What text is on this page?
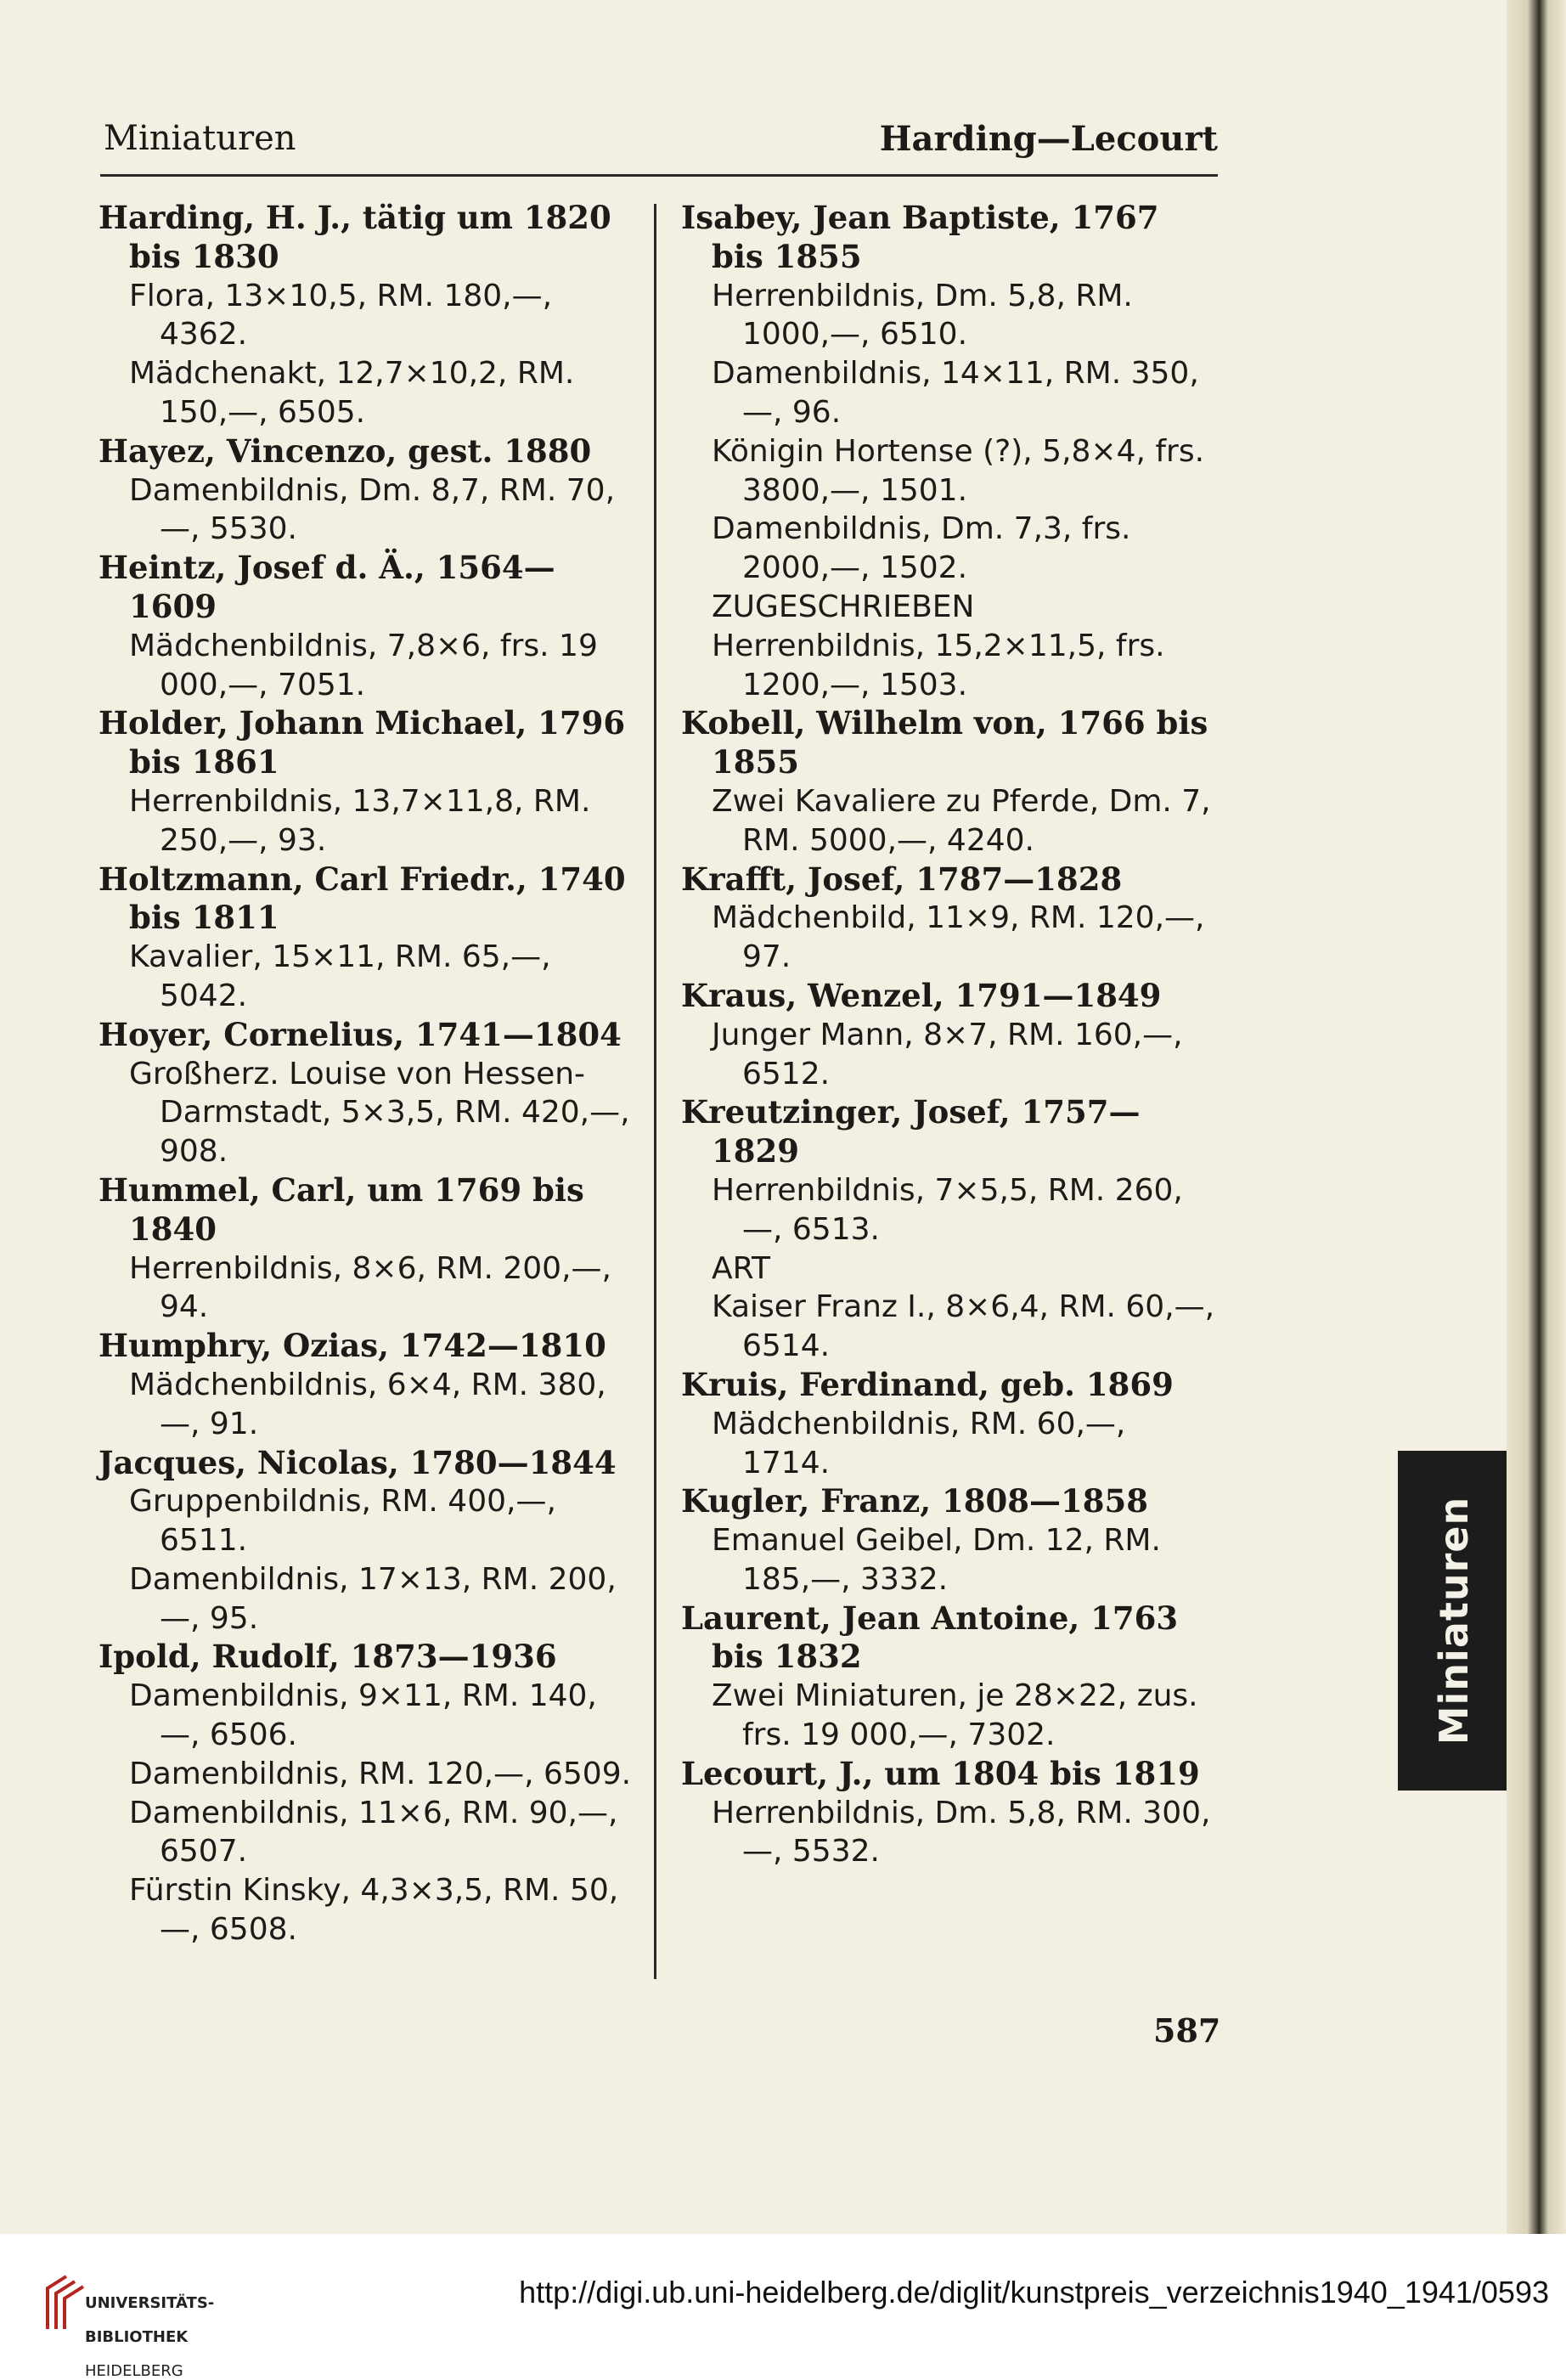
Miniaturen	Harding—Lecourt
Harding, H. J., tätig um 1820 bis 1830
Flora, 13×10,5, RM. 180,—, 4362.
Mädchenakt, 12,7×10,2, RM. 150,—, 6505.
Hayez, Vincenzo, gest. 1880
Damenbildnis, Dm. 8,7, RM. 70,—, 5530.
Heintz, Josef d. Ä., 1564—1609
Mädchenbildnis, 7,8×6, frs. 19 000,—, 7051.
Holder, Johann Michael, 1796 bis 1861
Herrenbildnis, 13,7×11,8, RM. 250,—, 93.
Holtzmann, Carl Friedr., 1740 bis 1811
Kavalier, 15×11, RM. 65,—, 5042.
Hoyer, Cornelius, 1741—1804
Großherz. Louise von Hessen-Darmstadt, 5×3,5, RM. 420,—, 908.
Hummel, Carl, um 1769 bis 1840
Herrenbildnis, 8×6, RM. 200,—, 94.
Humphry, Ozias, 1742—1810
Mädchenbildnis, 6×4, RM. 380,—, 91.
Jacques, Nicolas, 1780—1844
Gruppenbildnis, RM. 400,—, 6511.
Damenbildnis, 17×13, RM. 200,—, 95.
Ipold, Rudolf, 1873—1936
Damenbildnis, 9×11, RM. 140,—, 6506.
Damenbildnis, RM. 120,—, 6509.
Damenbildnis, 11×6, RM. 90,—, 6507.
Fürstin Kinsky, 4,3×3,5, RM. 50,—, 6508.
Isabey, Jean Baptiste, 1767 bis 1855
Herrenbildnis, Dm. 5,8, RM. 1000,—, 6510.
Damenbildnis, 14×11, RM. 350,—, 96.
Königin Hortense (?), 5,8×4, frs. 3800,—, 1501.
Damenbildnis, Dm. 7,3, frs. 2000,—, 1502.
ZUGESCHRIEBEN
Herrenbildnis, 15,2×11,5, frs. 1200,—, 1503.
Kobell, Wilhelm von, 1766 bis 1855
Zwei Kavaliere zu Pferde, Dm. 7, RM. 5000,—, 4240.
Krafft, Josef, 1787—1828
Mädchenbild, 11×9, RM. 120,—, 97.
Kraus, Wenzel, 1791—1849
Junger Mann, 8×7, RM. 160,—, 6512.
Kreutzinger, Josef, 1757—1829
Herrenbildnis, 7×5,5, RM. 260,—, 6513.
ART
Kaiser Franz I., 8×6,4, RM. 60,—, 6514.
Kruis, Ferdinand, geb. 1869
Mädchenbildnis, RM. 60,—, 1714.
Kugler, Franz, 1808—1858
Emanuel Geibel, Dm. 12, RM. 185,—, 3332.
Laurent, Jean Antoine, 1763 bis 1832
Zwei Miniaturen, je 28×22, zus. frs. 19 000,—, 7302.
Lecourt, J., um 1804 bis 1819
Herrenbildnis, Dm. 5,8, RM. 300,—, 5532.
587
Miniaturen

UNIVERSITÄTS-

BIBLIOTHEK

HEIDELBERG

http://digi.ub.uni-heidelberg.de/diglit/kunstpreis_verzeichnis1940_1941/0593
